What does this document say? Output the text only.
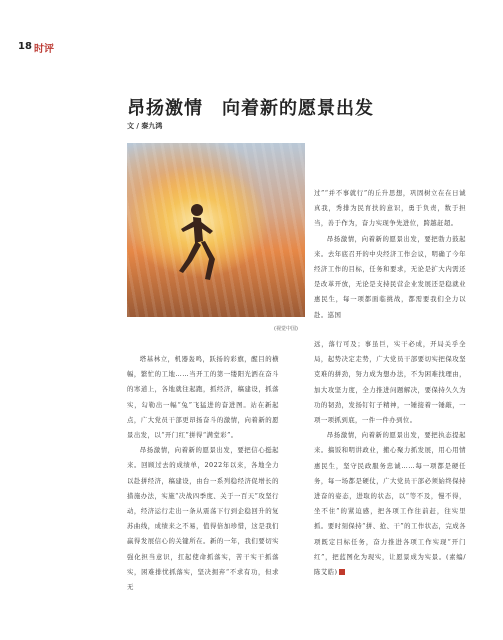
18 时评
昂扬激情　向着新的愿景出发
文 / 秦九鸿
(视觉中国)

过”“并不事就行”的丘升思想，巩固树立在在日诚真我，秀排为民育扶的意识，勇于负责，数于担当，善于作为，奋力实现争先进位，跨越赶超。

昂扬激情，向着新的愿景出发，要把勃力鼓起来。去年底召开的中央经济工作会议，明确了今年经济工作的目标，任务和要求，无论是扩大内需还是改革开放，无论是支持民营企业发展还是稳就业惠民生，每一项都面临挑战，都需要我们全力以赴。巡国

塔基林立，机器轰鸣，跃扬的彩旗，醒目的横幅，繁忙的工地……当开工的第一缕阳光洒在奋斗的寒道上，各地就往起跑，抓经济，稿建设，抓落实，勾勒出一幅“兔”飞猛进的奋进图。站在新起点，广大党员干部更昂扬奋斗的激情，向着新的愿景出发，以“开门红”拼得“满堂彩”。

昂扬激情，向着新的愿景出发，要把信心挺起来。回顾过去的成绩单，2022年以来，各地全力以赴拼经济，稿建设，由台一系列稳经济促增长的措施办法，实施“决战四季度、关于一百天”攻坚行动，经济运行走出一条从震荡下行到企稳回升的复苏曲线，成绩来之不易，值得倍加珍惜，这是我们赢得发展信心的关键所在。新的一年，我们要切实强化担当意识，扛起使命抓落实，苦干实干抓落实，困难排忧抓落实，坚决拥弃“不求有功，但求无

远，落行可及；事虽巨，实干必成，开局关乎全局，起势决定走势，广大党员干部要切实把保攻坚克难的拼劲，努力成为想办法，不为困难找理由，加大攻坚力度，全力推进问题解决，要保持久久为功的韧劲，发扬钉钉子精神，一锤接着一锤敲，一项一项抓到底，一件一件办到位。

昂扬激情，向着新的愿景出发，要把执态提起来。搞饭和明讲政业，搬心聚力抓发展，用心用情惠民生，坚守民政服务忠诚……每一项都是硬任务，每一场都是硬仗，广大党员干部必须始终保持进奋的姿态，进取的状态，以“等不及，慢不得，坐不住”的紧迫感，把各项工作往前赶，往实里抓。要时刻保持“拼、抢、干”的工作状态，完成各项既定目标任务，奋力推进各项工作实现“开门红”，把蓝图化为现实，让愿景成为实景。(素编/陈艾皓)
